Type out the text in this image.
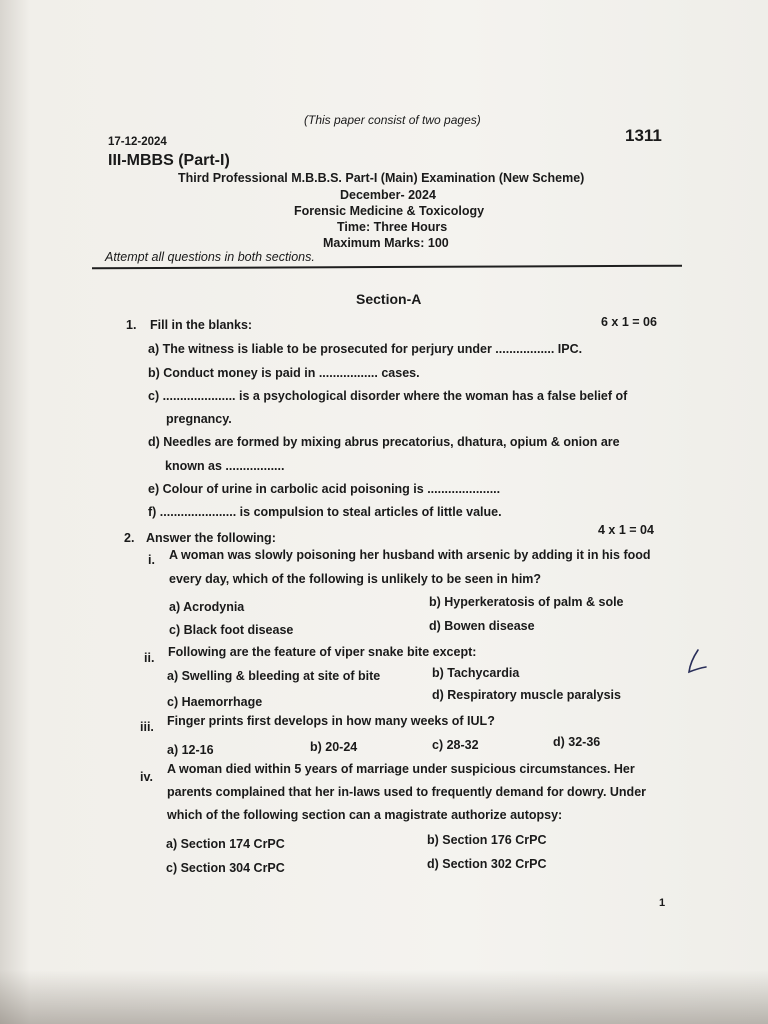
(This paper consist of two pages)
17-12-2024	1311
III-MBBS (Part-I)
Third Professional M.B.B.S. Part-I (Main) Examination (New Scheme)
December- 2024
Forensic Medicine & Toxicology
Time: Three Hours
Maximum Marks: 100
Attempt all questions in both sections.
Section-A
1. Fill in the blanks:	6 x 1 = 06
a) The witness is liable to be prosecuted for perjury under ................. IPC.
b) Conduct money is paid in ................. cases.
c) ..................... is a psychological disorder where the woman has a false belief of
pregnancy.
d) Needles are formed by mixing abrus precatorius, dhatura, opium & onion are
known as .................
e) Colour of urine in carbolic acid poisoning is .....................
f) ...................... is compulsion to steal articles of little value.
2. Answer the following:
4 x 1 = 04
i. A woman was slowly poisoning her husband with arsenic by adding it in his food
every day, which of the following is unlikely to be seen in him?
a) Acrodynia	b) Hyperkeratosis of palm & sole
c) Black foot disease	d) Bowen disease
ii. Following are the feature of viper snake bite except:
a) Swelling & bleeding at site of bite	b) Tachycardia
c) Haemorrhage	d) Respiratory muscle paralysis
iii. Finger prints first develops in how many weeks of IUL?
a) 12-16	b) 20-24	c) 28-32	d) 32-36
iv.
A woman died within 5 years of marriage under suspicious circumstances. Her
parents complained that her in-laws used to frequently demand for dowry. Under
which of the following section can a magistrate authorize autopsy:
a) Section 174 CrPC	b) Section 176 CrPC
c) Section 304 CrPC	d) Section 302 CrPC
1
